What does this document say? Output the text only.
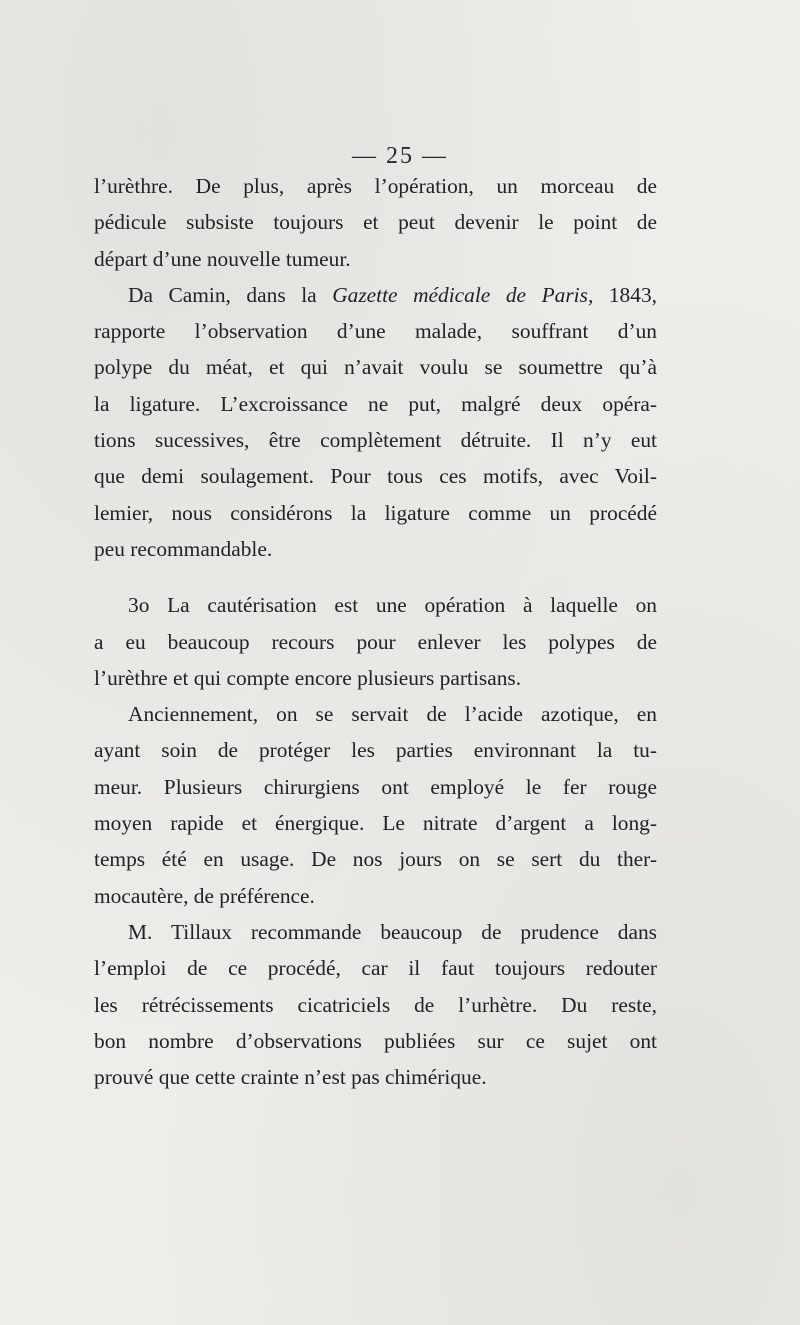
— 25 —
l’urèthre. De plus, après l’opération, un morceau de
pédicule subsiste toujours et peut devenir le point de
départ d’une nouvelle tumeur.
Da Camin, dans la Gazette médicale de Paris, 1843,
rapporte l’observation d’une malade, souffrant d’un
polype du méat, et qui n’avait voulu se soumettre qu’à
la ligature. L’excroissance ne put, malgré deux opéra-
tions sucessives, être complètement détruite. Il n’y eut
que demi soulagement. Pour tous ces motifs, avec Voil-
lemier, nous considérons la ligature comme un procédé
peu recommandable.
3o La cautérisation est une opération à laquelle on
a eu beaucoup recours pour enlever les polypes de
l’urèthre et qui compte encore plusieurs partisans.
Anciennement, on se servait de l’acide azotique, en
ayant soin de protéger les parties environnant la tu-
meur. Plusieurs chirurgiens ont employé le fer rouge
moyen rapide et énergique. Le nitrate d’argent a long-
temps été en usage. De nos jours on se sert du ther-
mocautère, de préférence.
M. Tillaux recommande beaucoup de prudence dans
l’emploi de ce procédé, car il faut toujours redouter
les rétrécissements cicatriciels de l’urhètre. Du reste,
bon nombre d’observations publiées sur ce sujet ont
prouvé que cette crainte n’est pas chimérique.
